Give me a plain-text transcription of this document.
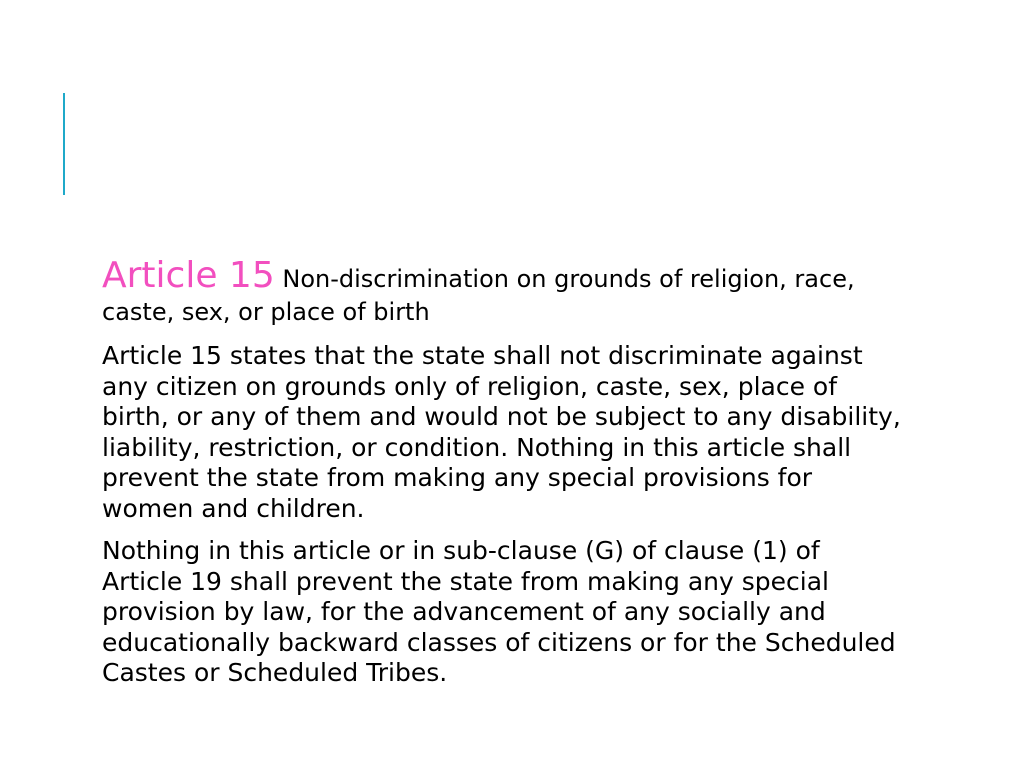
Article 15 Non-discrimination on grounds of religion, race, caste, sex, or place of birth

Article 15 states that the state shall not discriminate against any citizen on grounds only of religion, caste, sex, place of birth, or any of them and would not be subject to any disability, liability, restriction, or condition. Nothing in this article shall prevent the state from making any special provisions for women and children.

Nothing in this article or in sub-clause (G) of clause (1) of Article 19 shall prevent the state from making any special provision by law, for the advancement of any socially and educationally backward classes of citizens or for the Scheduled Castes or Scheduled Tribes.
